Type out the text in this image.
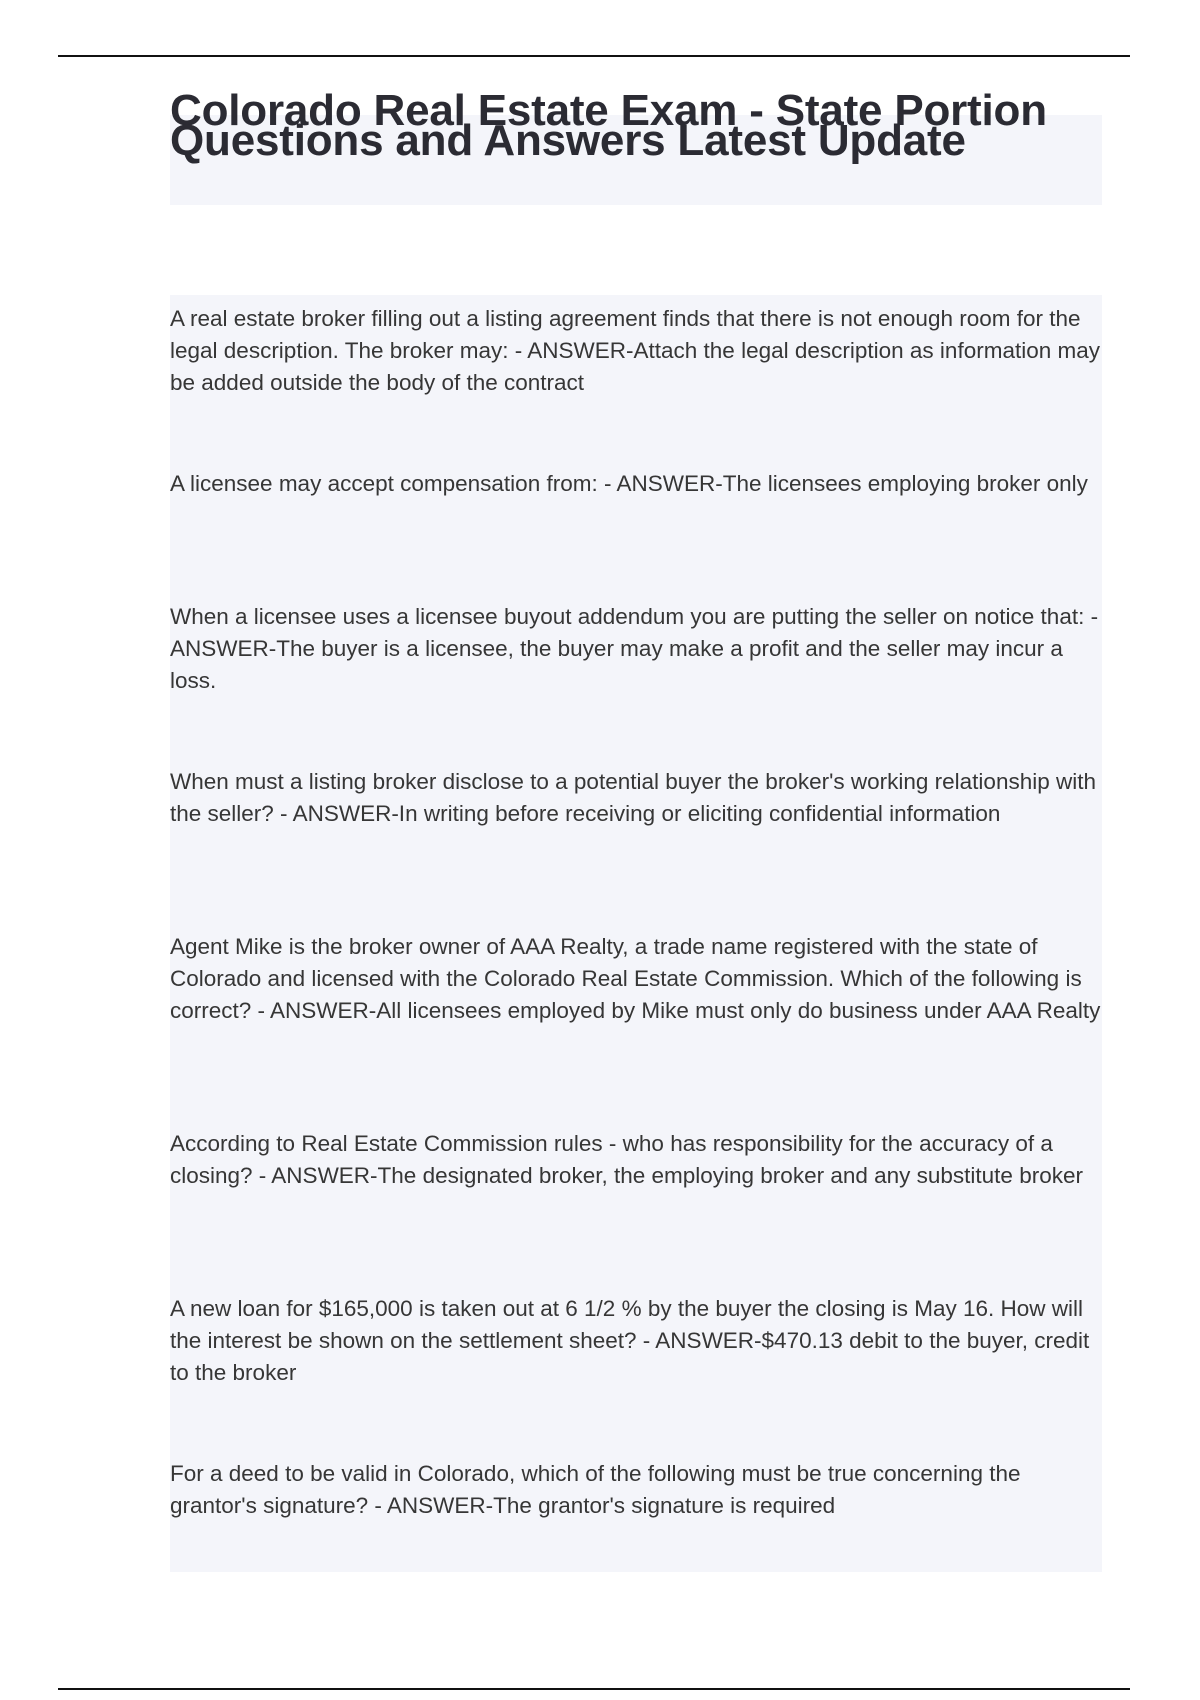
Colorado Real Estate Exam - State Portion Questions and Answers Latest Update

A real estate broker filling out a listing agreement finds that there is not enough room for the legal description. The broker may: - ANSWER-Attach the legal description as information may be added outside the body of the contract

A licensee may accept compensation from: - ANSWER-The licensees employing broker only

When a licensee uses a licensee buyout addendum you are putting the seller on notice that: - ANSWER-The buyer is a licensee, the buyer may make a profit and the seller may incur a loss.

When must a listing broker disclose to a potential buyer the broker's working relationship with the seller? - ANSWER-In writing before receiving or eliciting confidential information

Agent Mike is the broker owner of AAA Realty, a trade name registered with the state of Colorado and licensed with the Colorado Real Estate Commission. Which of the following is correct? - ANSWER-All licensees employed by Mike must only do business under AAA Realty

According to Real Estate Commission rules - who has responsibility for the accuracy of a closing? - ANSWER-The designated broker, the employing broker and any substitute broker

A new loan for $165,000 is taken out at 6 1/2 % by the buyer the closing is May 16. How will the interest be shown on the settlement sheet? - ANSWER-$470.13 debit to the buyer, credit to the broker

For a deed to be valid in Colorado, which of the following must be true concerning the grantor's signature? - ANSWER-The grantor's signature is required
